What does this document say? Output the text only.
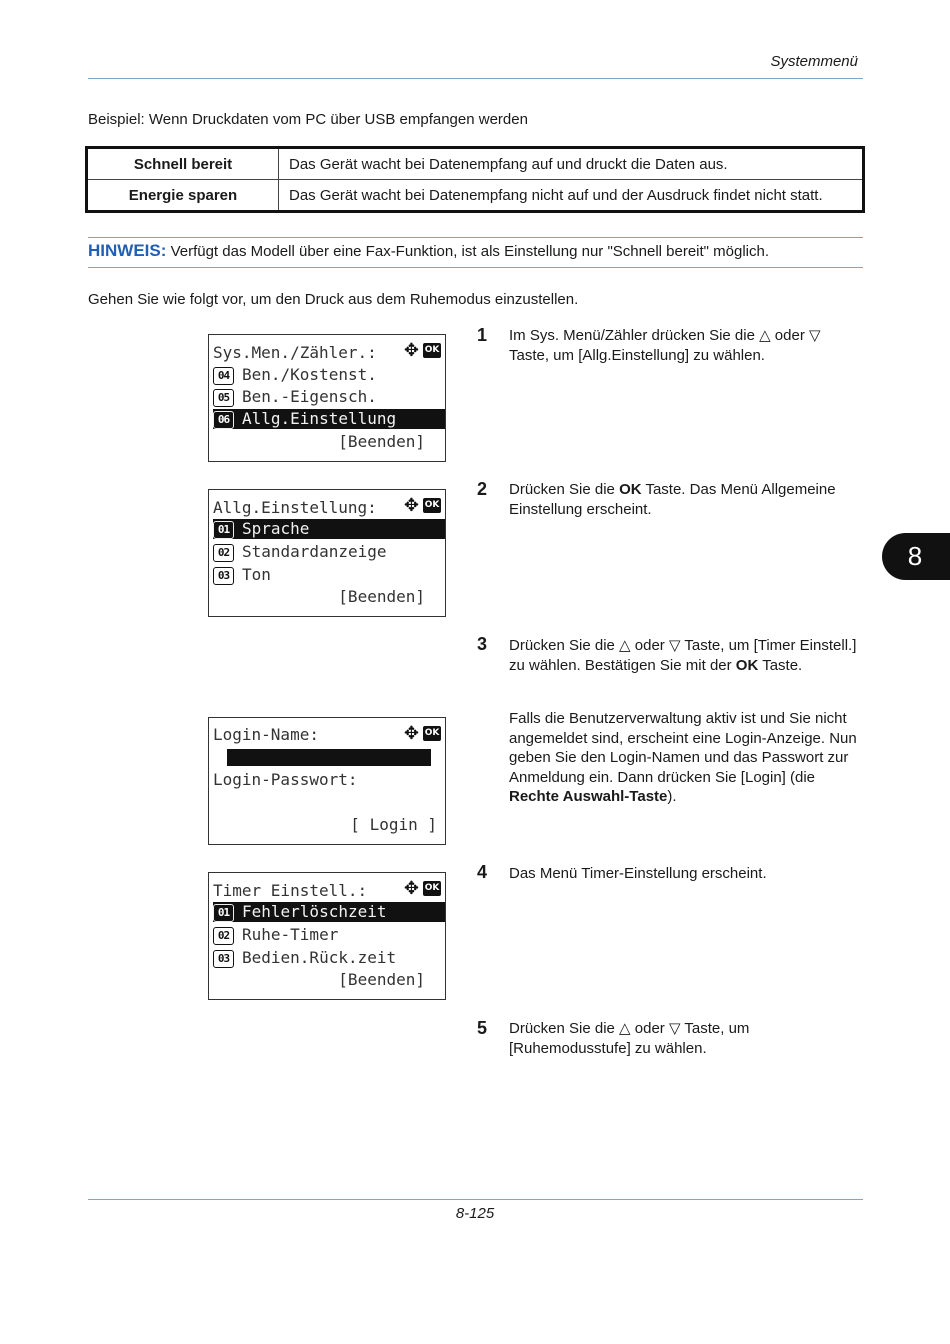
Systemmenü
Beispiel: Wenn Druckdaten vom PC über USB empfangen werden
Schnell bereit	Das Gerät wacht bei Datenempfang auf und druckt die Daten aus.
Energie sparen	Das Gerät wacht bei Datenempfang nicht auf und der Ausdruck findet nicht statt.
HINWEIS: Verfügt das Modell über eine Fax-Funktion, ist als Einstellung nur "Schnell bereit" möglich.
Gehen Sie wie folgt vor, um den Druck aus dem Ruhemodus einzustellen.
Sys.Men./Zähler.:	✥ OK
04 Ben./Kostenst.
05 Ben.-Eigensch.
06 Allg.Einstellung
[Beenden]
Allg.Einstellung:	✥ OK
01 Sprache
02 Standardanzeige
03 Ton
[Beenden]
Login-Name:	✥ OK
Login-Passwort:
[ Login ]
Timer Einstell.:	✥ OK
01 Fehlerlöschzeit
02 Ruhe-Timer
03 Bedien.Rück.zeit
[Beenden]
1 Im Sys. Menü/Zähler drücken Sie die △ oder ▽ Taste, um [Allg.Einstellung] zu wählen.
2 Drücken Sie die OK Taste. Das Menü Allgemeine Einstellung erscheint.
3 Drücken Sie die △ oder ▽ Taste, um [Timer Einstell.] zu wählen. Bestätigen Sie mit der OK Taste.
Falls die Benutzerverwaltung aktiv ist und Sie nicht angemeldet sind, erscheint eine Login-Anzeige. Nun geben Sie den Login-Namen und das Passwort zur Anmeldung ein. Dann drücken Sie [Login] (die Rechte Auswahl-Taste).
4 Das Menü Timer-Einstellung erscheint.
5 Drücken Sie die △ oder ▽ Taste, um [Ruhemodusstufe] zu wählen.
8
8-125
